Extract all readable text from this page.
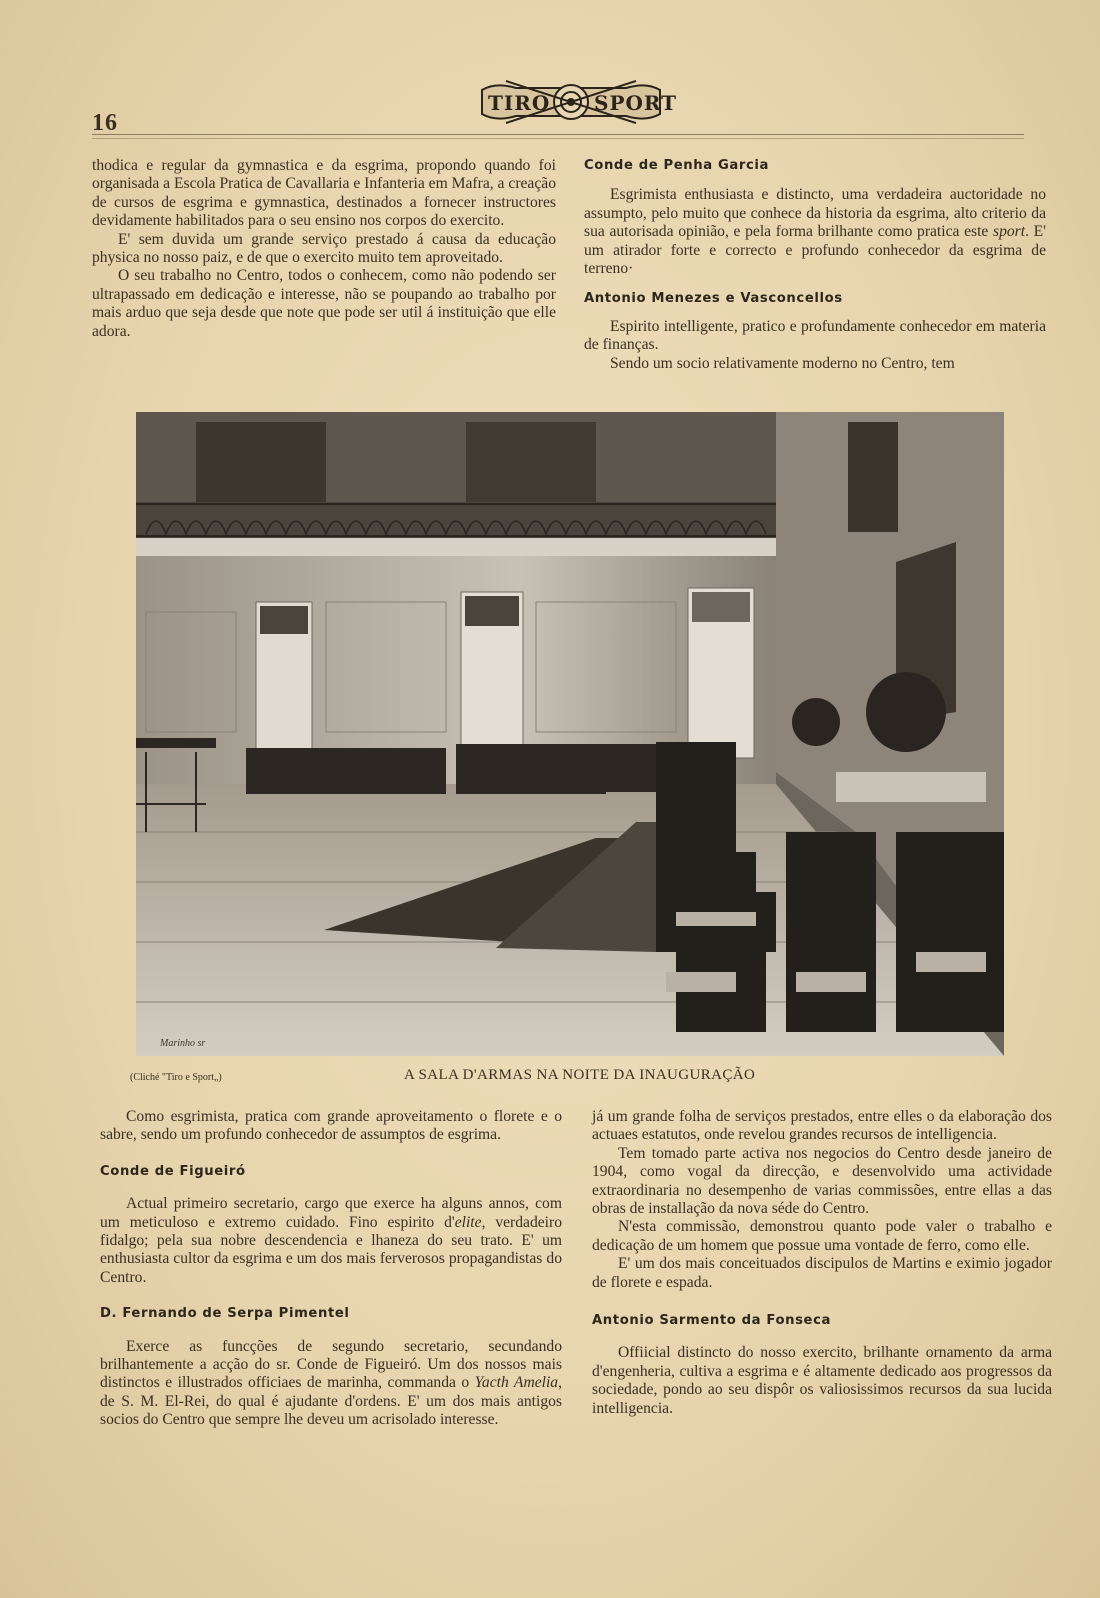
16
TIRO SPORT

thodica e regular da gymnastica e da esgrima, propondo quando foi organisada a Escola Pratica de Cavallaria e Infanteria em Mafra, a creação de cursos de esgrima e gymnastica, destinados a fornecer instructores devidamente habilitados para o seu ensino nos corpos do exercito.

E' sem duvida um grande serviço prestado á causa da educação physica no nosso paiz, e de que o exercito muito tem aproveitado.

O seu trabalho no Centro, todos o conhecem, como não podendo ser ultrapassado em dedicação e interesse, não se poupando ao trabalho por mais arduo que seja desde que note que pode ser util á instituição que elle adora.

Conde de Penha Garcia

Esgrimista enthusiasta e distincto, uma verdadeira auctoridade no assumpto, pelo muito que conhece da historia da esgrima, alto criterio da sua autorisada opinião, e pela forma brilhante como pratica este sport. E' um atirador forte e correcto e profundo conhecedor da esgrima de terreno·

Antonio Menezes e Vasconcellos

Espirito intelligente, pratico e profundamente conhecedor em materia de finanças.

Sendo um socio relativamente moderno no Centro, tem

Marinho sr
(Cliché "Tiro e Sport„)	A SALA D'ARMAS NA NOITE DA INAUGURAÇÃO

Como esgrimista, pratica com grande aproveitamento o florete e o sabre, sendo um profundo conhecedor de assumptos de esgrima.

Conde de Figueiró

Actual primeiro secretario, cargo que exerce ha alguns annos, com um meticuloso e extremo cuidado. Fino espirito d'elite, verdadeiro fidalgo; pela sua nobre descendencia e lhaneza do seu trato. E' um enthusiasta cultor da esgrima e um dos mais ferverosos propagandistas do Centro.

D. Fernando de Serpa Pimentel

Exerce as funcções de segundo secretario, secundando brilhantemente a acção do sr. Conde de Figueiró. Um dos nossos mais distinctos e illustrados officiaes de marinha, commanda o Yacth Amelia, de S. M. El-Rei, do qual é ajudante d'ordens. E' um dos mais antigos socios do Centro que sempre lhe deveu um acrisolado interesse.

já um grande folha de serviços prestados, entre elles o da elaboração dos actuaes estatutos, onde revelou grandes recursos de intelligencia.

Tem tomado parte activa nos negocios do Centro desde janeiro de 1904, como vogal da direcção, e desenvolvido uma actividade extraordinaria no desempenho de varias commissões, entre ellas a das obras de installação da nova séde do Centro.

N'esta commissão, demonstrou quanto pode valer o trabalho e dedicação de um homem que possue uma vontade de ferro, como elle.

E' um dos mais conceituados discipulos de Martins e eximio jogador de florete e espada.

Antonio Sarmento da Fonseca

Offiicial distincto do nosso exercito, brilhante ornamento da arma d'engenheria, cultiva a esgrima e é altamente dedicado aos progressos da sociedade, pondo ao seu dispôr os valiosissimos recursos da sua lucida intelligencia.
